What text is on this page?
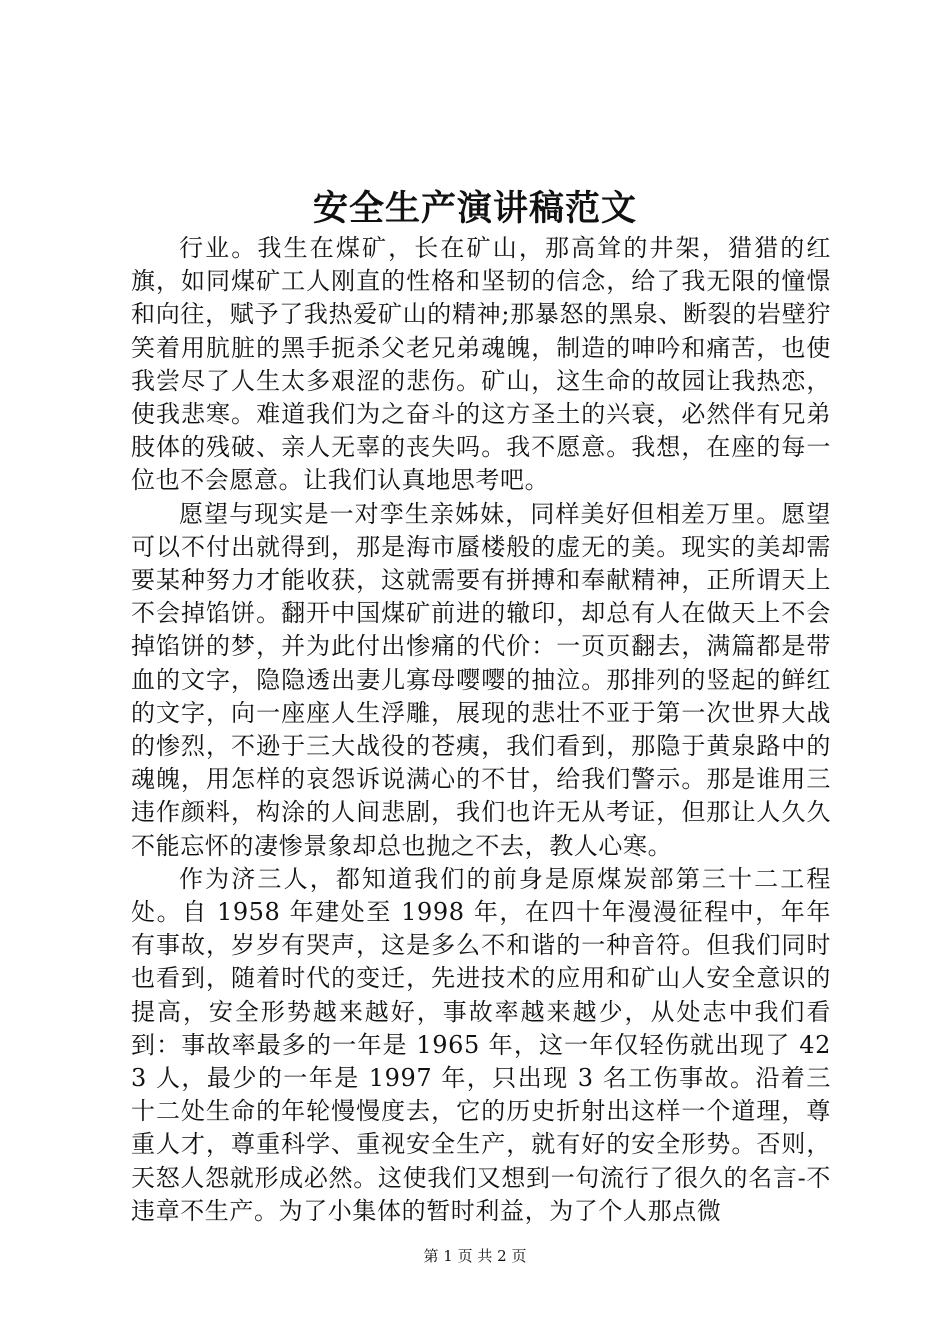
安全生产演讲稿范文

行业。我生在煤矿，长在矿山，那高耸的井架，猎猎的红旗，如同煤矿工人刚直的性格和坚韧的信念，给了我无限的憧憬和向往，赋予了我热爱矿山的精神;那暴怒的黑泉、断裂的岩壁狞笑着用肮脏的黑手扼杀父老兄弟魂魄，制造的呻吟和痛苦，也使我尝尽了人生太多艰涩的悲伤。矿山，这生命的故园让我热恋，使我悲寒。难道我们为之奋斗的这方圣土的兴衰，必然伴有兄弟肢体的残破、亲人无辜的丧失吗。我不愿意。我想，在座的每一位也不会愿意。让我们认真地思考吧。

愿望与现实是一对孪生亲姊妹，同样美好但相差万里。愿望可以不付出就得到，那是海市蜃楼般的虚无的美。现实的美却需要某种努力才能收获，这就需要有拼搏和奉献精神，正所谓天上不会掉馅饼。翻开中国煤矿前进的辙印，却总有人在做天上不会掉馅饼的梦，并为此付出惨痛的代价：一页页翻去，满篇都是带血的文字，隐隐透出妻儿寡母嘤嘤的抽泣。那排列的竖起的鲜红的文字，向一座座人生浮雕，展现的悲壮不亚于第一次世界大战的惨烈，不逊于三大战役的苍痍，我们看到，那隐于黄泉路中的魂魄，用怎样的哀怨诉说满心的不甘，给我们警示。那是谁用三违作颜料，构涂的人间悲剧，我们也许无从考证，但那让人久久不能忘怀的凄惨景象却总也抛之不去，教人心寒。

作为济三人，都知道我们的前身是原煤炭部第三十二工程处。自 1958 年建处至 1998 年，在四十年漫漫征程中，年年有事故，岁岁有哭声，这是多么不和谐的一种音符。但我们同时也看到，随着时代的变迁，先进技术的应用和矿山人安全意识的提高，安全形势越来越好，事故率越来越少，从处志中我们看到：事故率最多的一年是 1965 年，这一年仅轻伤就出现了 423 人，最少的一年是 1997 年，只出现 3 名工伤事故。沿着三十二处生命的年轮慢慢度去，它的历史折射出这样一个道理，尊重人才，尊重科学、重视安全生产，就有好的安全形势。否则，天怒人怨就形成必然。这使我们又想到一句流行了很久的名言-不违章不生产。为了小集体的暂时利益，为了个人那点微

第 1 页 共 2 页
